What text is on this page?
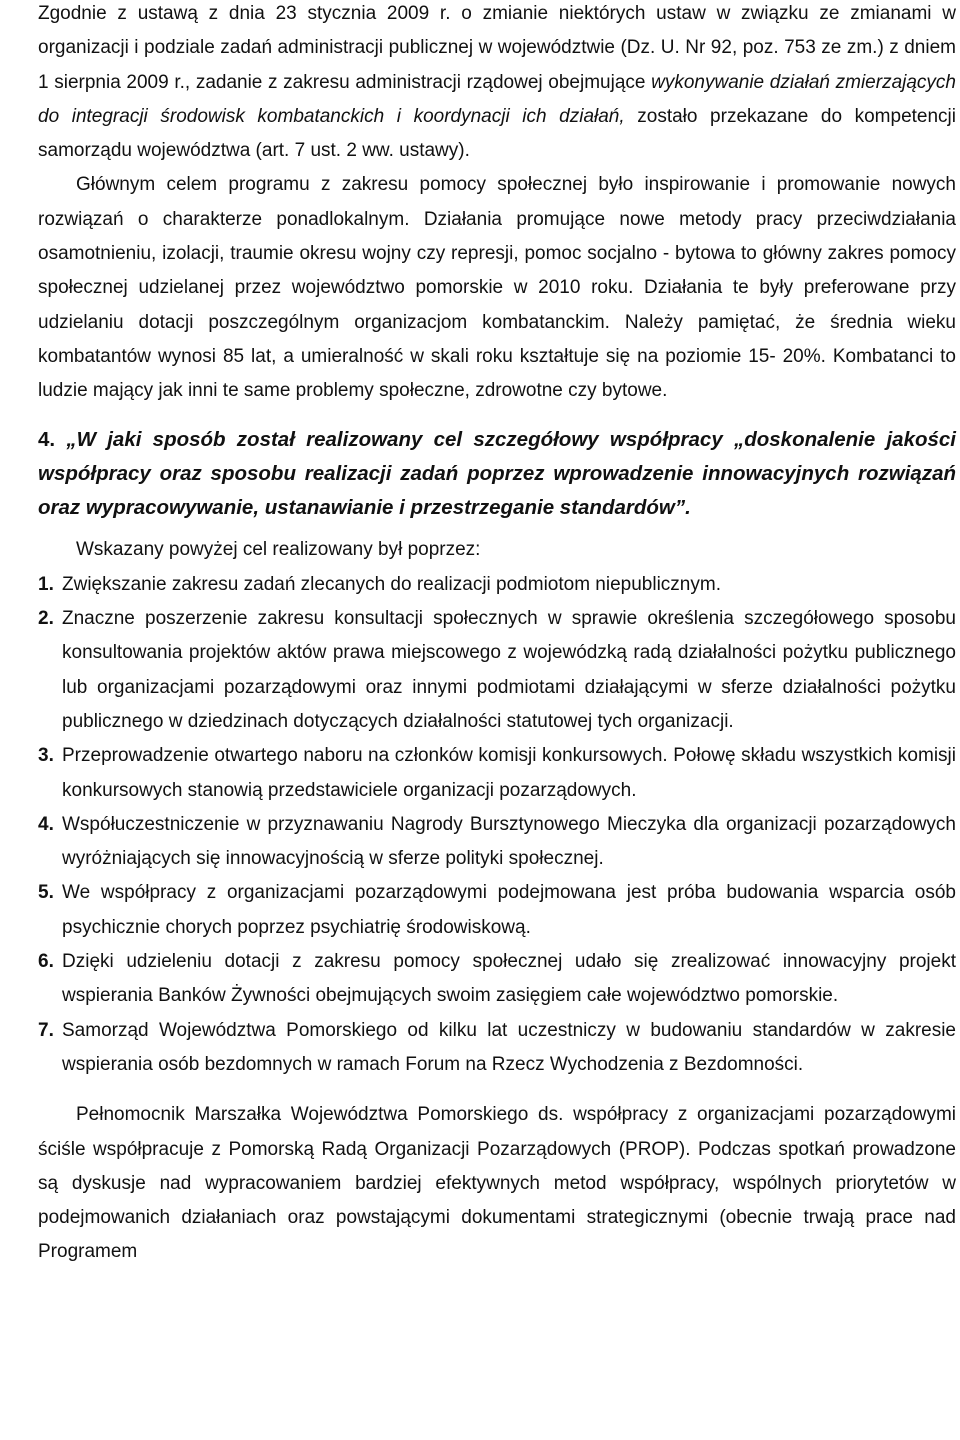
Zgodnie z ustawą z dnia 23 stycznia 2009 r. o zmianie niektórych ustaw w związku ze zmianami w organizacji i podziale zadań administracji publicznej w województwie (Dz. U. Nr 92, poz. 753 ze zm.) z dniem 1 sierpnia 2009 r., zadanie z zakresu administracji rządowej obejmujące wykonywanie działań zmierzających do integracji środowisk kombatanckich i koordynacji ich działań, zostało przekazane do kompetencji samorządu województwa (art. 7 ust. 2 ww. ustawy).

Głównym celem programu z zakresu pomocy społecznej było inspirowanie i promowanie nowych rozwiązań o charakterze ponadlokalnym. Działania promujące nowe metody pracy przeciwdziałania osamotnieniu, izolacji, traumie okresu wojny czy represji, pomoc socjalno - bytowa to główny zakres pomocy społecznej udzielanej przez województwo pomorskie w 2010 roku. Działania te były preferowane przy udzielaniu dotacji poszczególnym organizacjom kombatanckim. Należy pamiętać, że średnia wieku kombatantów wynosi 85 lat, a umieralność w skali roku kształtuje się na poziomie 15- 20%. Kombatanci to ludzie mający jak inni te same problemy społeczne, zdrowotne czy bytowe.

4. „W jaki sposób został realizowany cel szczegółowy współpracy „doskonalenie jakości współpracy oraz sposobu realizacji zadań poprzez wprowadzenie innowacyjnych rozwiązań oraz wypracowywanie, ustanawianie i przestrzeganie standardów”.

Wskazany powyżej cel realizowany był poprzez:

1. Zwiększanie zakresu zadań zlecanych do realizacji podmiotom niepublicznym.
2. Znaczne poszerzenie zakresu konsultacji społecznych w sprawie określenia szczegółowego sposobu konsultowania projektów aktów prawa miejscowego z wojewódzką radą działalności pożytku publicznego lub organizacjami pozarządowymi oraz innymi podmiotami działającymi w sferze działalności pożytku publicznego w dziedzinach dotyczących działalności statutowej tych organizacji.
3. Przeprowadzenie otwartego naboru na członków komisji konkursowych. Połowę składu wszystkich komisji konkursowych stanowią przedstawiciele organizacji pozarządowych.
4. Współuczestniczenie w przyznawaniu Nagrody Bursztynowego Mieczyka dla organizacji pozarządowych wyróżniających się innowacyjnością w sferze polityki społecznej.
5. We współpracy z organizacjami pozarządowymi podejmowana jest próba budowania wsparcia osób psychicznie chorych poprzez psychiatrię środowiskową.
6. Dzięki udzieleniu dotacji z zakresu pomocy społecznej udało się zrealizować innowacyjny projekt wspierania Banków Żywności obejmujących swoim zasięgiem całe województwo pomorskie.
7. Samorząd Województwa Pomorskiego od kilku lat uczestniczy w budowaniu standardów w zakresie wspierania osób bezdomnych w ramach Forum na Rzecz Wychodzenia z Bezdomności.

Pełnomocnik Marszałka Województwa Pomorskiego ds. współpracy z organizacjami pozarządowymi ściśle współpracuje z Pomorską Radą Organizacji Pozarządowych (PROP). Podczas spotkań prowadzone są dyskusje nad wypracowaniem bardziej efektywnych metod współpracy, wspólnych priorytetów w podejmowanich działaniach oraz powstającymi dokumentami strategicznymi (obecnie trwają prace nad Programem
